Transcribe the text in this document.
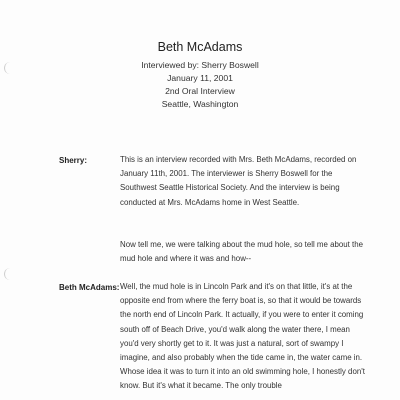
Beth McAdams

Interviewed by: Sherry Boswell

January 11, 2001

2nd Oral Interview

Seattle, Washington

Sherry:	This is an interview recorded with Mrs. Beth McAdams, recorded on January 11th, 2001. The interviewer is Sherry Boswell for the Southwest Seattle Historical Society. And the interview is being conducted at Mrs. McAdams home in West Seattle.

Now tell me, we were talking about the mud hole, so tell me about the mud hole and where it was and how--

Beth McAdams: Well, the mud hole is in Lincoln Park and it's on that little, it's at the opposite end from where the ferry boat is, so that it would be towards the north end of Lincoln Park. It actually, if you were to enter it coming south off of Beach Drive, you'd walk along the water there, I mean you'd very shortly get to it. It was just a natural, sort of swampy I imagine, and also probably when the tide came in, the water came in. Whose idea it was to turn it into an old swimming hole, I honestly don't know. But it's what it became. The only trouble
